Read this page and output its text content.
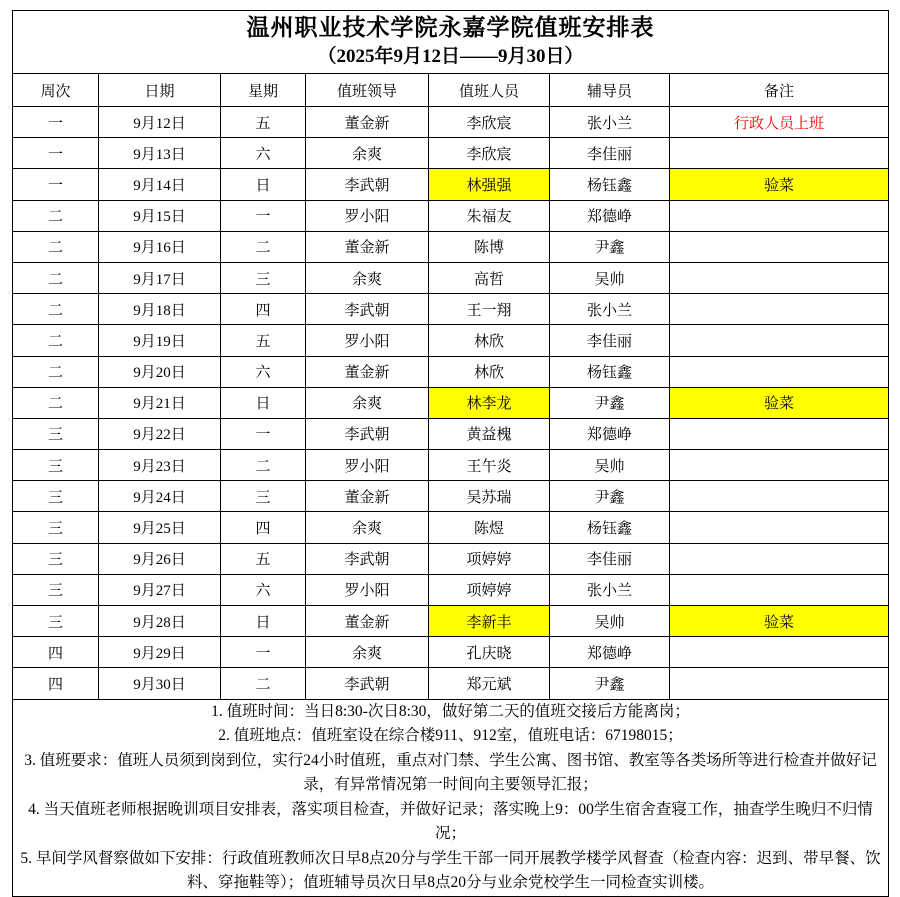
温州职业技术学院永嘉学院值班安排表
（2025年9月12日——9月30日）						

周次	日期	星期	值班领导	值班人员	辅导员	备注
一	9月12日	五	董金新	李欣宸	张小兰	行政人员上班
一	9月13日	六	余爽	李欣宸	李佳丽	
一	9月14日	日	李武朝	林强强	杨钰鑫	验菜
二	9月15日	一	罗小阳	朱福友	郑德峥	
二	9月16日	二	董金新	陈博	尹鑫	
二	9月17日	三	余爽	高哲	吴帅	
二	9月18日	四	李武朝	王一翔	张小兰	
二	9月19日	五	罗小阳	林欣	李佳丽	
二	9月20日	六	董金新	林欣	杨钰鑫	
二	9月21日	日	余爽	林李龙	尹鑫	验菜
三	9月22日	一	李武朝	黄益槐	郑德峥	
三	9月23日	二	罗小阳	王午炎	吴帅	
三	9月24日	三	董金新	吴苏瑞	尹鑫	
三	9月25日	四	余爽	陈煜	杨钰鑫	
三	9月26日	五	李武朝	项婷婷	李佳丽	
三	9月27日	六	罗小阳	项婷婷	张小兰	
三	9月28日	日	董金新	李新丰	吴帅	验菜
四	9月29日	一	余爽	孔庆晓	郑德峥	
四	9月30日	二	李武朝	郑元斌	尹鑫	

1. 值班时间：当日8:30-次日8:30，做好第二天的值班交接后方能离岗；

2. 值班地点：值班室设在综合楼911、912室，值班电话：67198015；

3. 值班要求：值班人员须到岗到位，实行24小时值班，重点对门禁、学生公寓、图书馆、教室等各类场所等进行检查并做好记录，有异常情况第一时间向主要领导汇报；

4. 当天值班老师根据晚训项目安排表，落实项目检查，并做好记录；落实晚上9：00学生宿舍查寝工作，抽查学生晚归不归情况；

5. 早间学风督察做如下安排：行政值班教师次日早8点20分与学生干部一同开展教学楼学风督查（检查内容：迟到、带早餐、饮料、穿拖鞋等）；值班辅导员次日早8点20分与业余党校学生一同检查实训楼。						
